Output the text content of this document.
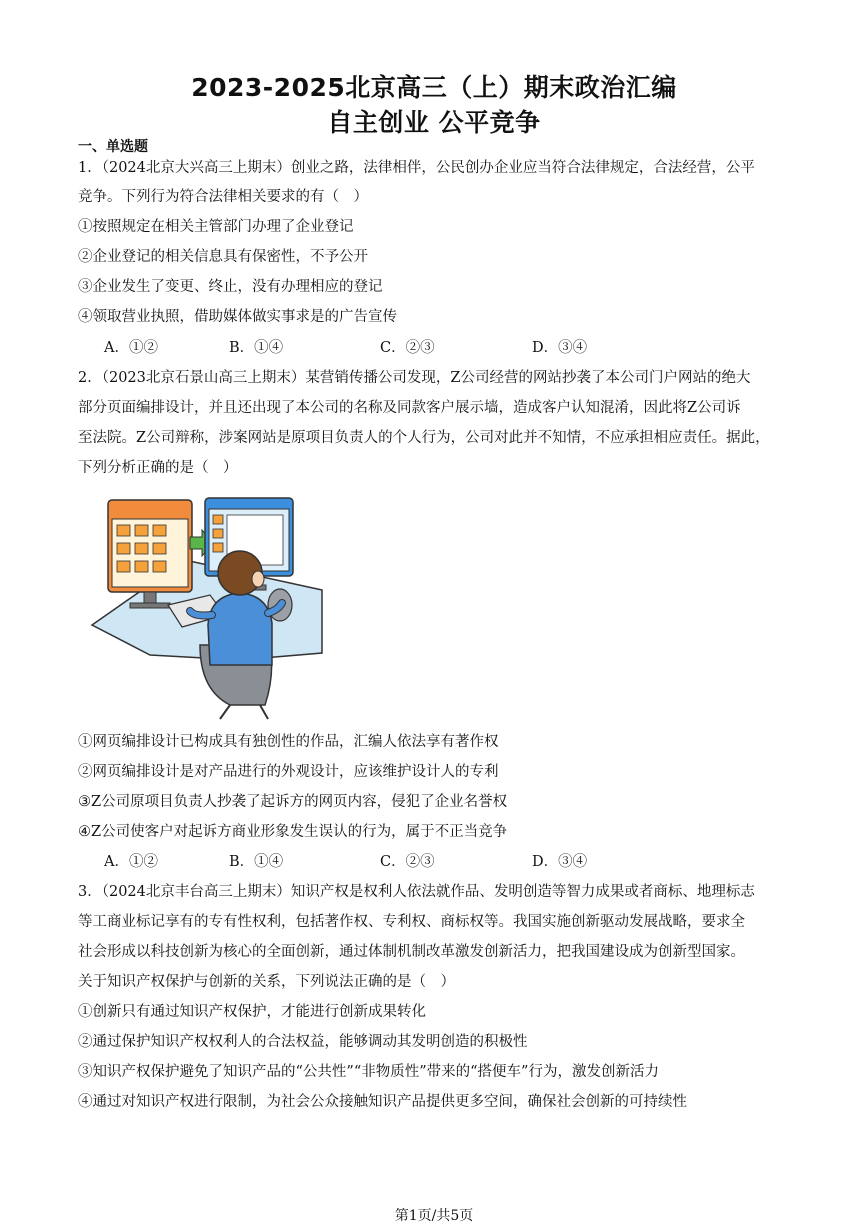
2023-2025北京高三（上）期末政治汇编
自主创业 公平竞争
一、单选题
1．（2024北京大兴高三上期末）创业之路，法律相伴，公民创办企业应当符合法律规定，合法经营，公平
竞争。下列行为符合法律相关要求的有（　）
①按照规定在相关主管部门办理了企业登记
②企业登记的相关信息具有保密性，不予公开
③企业发生了变更、终止，没有办理相应的登记
④领取营业执照，借助媒体做实事求是的广告宣传
A．①②	B．①④	C．②③	D．③④
2．（2023北京石景山高三上期末）某营销传播公司发现，Z公司经营的网站抄袭了本公司门户网站的绝大
部分页面编排设计，并且还出现了本公司的名称及同款客户展示墙，造成客户认知混淆，因此将Z公司诉
至法院。Z公司辩称，涉案网站是原项目负责人的个人行为，公司对此并不知情，不应承担相应责任。据此，
下列分析正确的是（　）
①网页编排设计已构成具有独创性的作品，汇编人依法享有著作权
②网页编排设计是对产品进行的外观设计，应该维护设计人的专利
③Z公司原项目负责人抄袭了起诉方的网页内容，侵犯了企业名誉权
④Z公司使客户对起诉方商业形象发生误认的行为，属于不正当竞争
A．①②	B．①④	C．②③	D．③④
3．（2024北京丰台高三上期末）知识产权是权利人依法就作品、发明创造等智力成果或者商标、地理标志
等工商业标记享有的专有性权利，包括著作权、专利权、商标权等。我国实施创新驱动发展战略，要求全
社会形成以科技创新为核心的全面创新，通过体制机制改革激发创新活力，把我国建设成为创新型国家。
关于知识产权保护与创新的关系，下列说法正确的是（　）
①创新只有通过知识产权保护，才能进行创新成果转化
②通过保护知识产权权利人的合法权益，能够调动其发明创造的积极性
③知识产权保护避免了知识产品的“公共性”“非物质性”带来的“搭便车”行为，激发创新活力
④通过对知识产权进行限制，为社会公众接触知识产品提供更多空间，确保社会创新的可持续性
第1页/共5页
